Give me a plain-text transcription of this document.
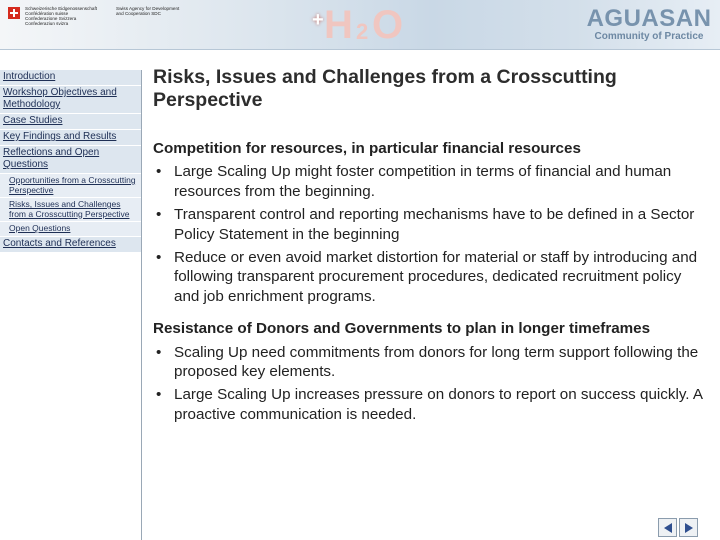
Schweizerische Eidgenossenschaft
Confédération suisse
Confederazione Svizzera
Confederaziun svizra
Swiss Agency for Development
and Cooperation SDC	+ H 2 O	AGUASAN
Community of Practice
Introduction
Workshop Objectives and Methodology
Case Studies
Key Findings and Results
Reflections and Open Questions
Opportunities from a Crosscutting Perspective
Risks, Issues and Challenges from a Crosscutting Perspective
Open Questions
Contacts and References
Risks, Issues and Challenges from a Crosscutting Perspective
Competition for resources, in particular financial resources
• Large Scaling Up might foster competition in terms of financial and human resources from the beginning.
• Transparent control and reporting mechanisms have to be defined in a Sector Policy Statement in the beginning
• Reduce or even avoid market distortion for material or staff by introducing and following transparent procurement procedures, dedicated recruitment policy and job enrichment programs.
Resistance of Donors and Governments to plan in longer timeframes
• Scaling Up need commitments from donors for long term support following the proposed key elements.
• Large Scaling Up increases pressure on donors to report on success quickly. A proactive communication is needed.
